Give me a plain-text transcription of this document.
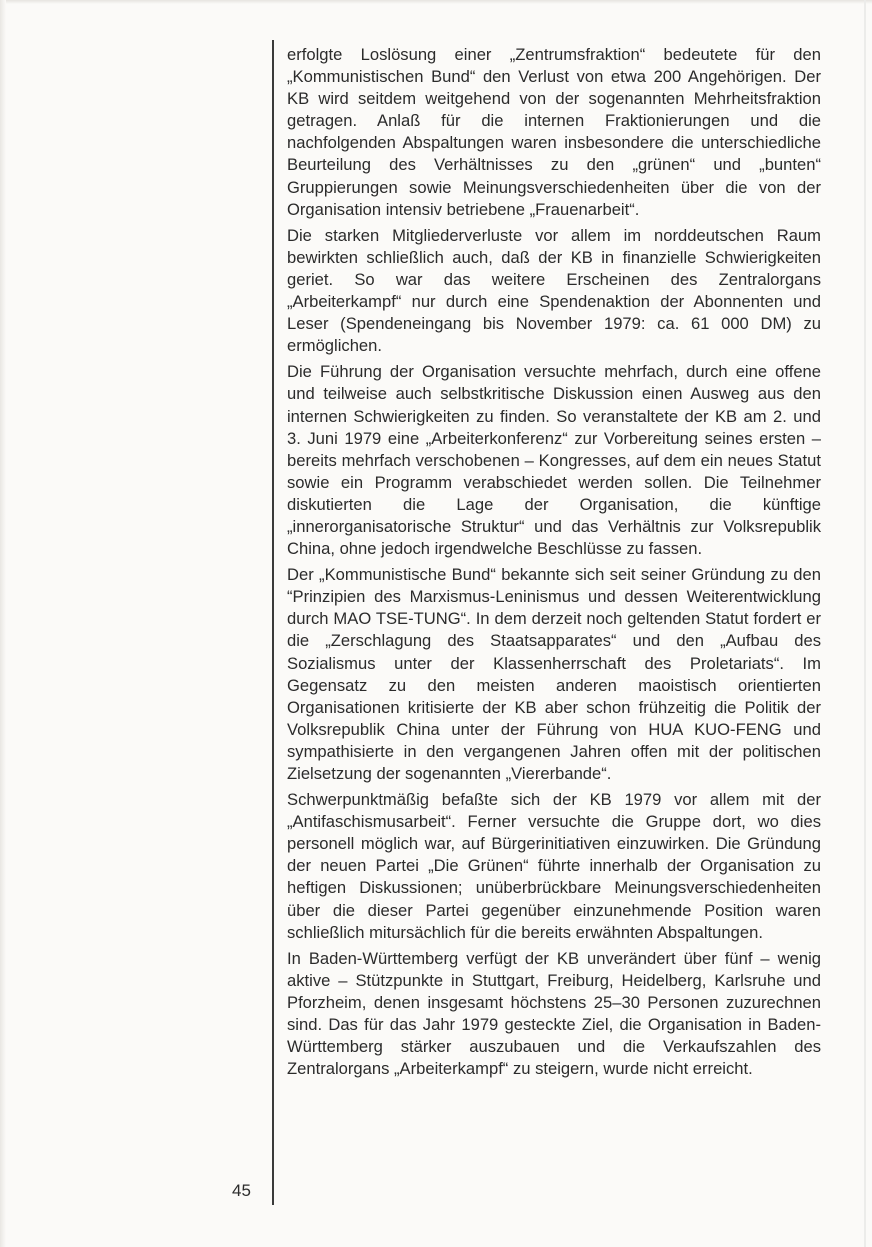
45

erfolgte Loslösung einer „Zentrumsfraktion“ bedeutete für den „Kommunistischen Bund“ den Verlust von etwa 200 Angehörigen. Der KB wird seitdem weitgehend von der sogenannten Mehrheitsfraktion getragen. Anlaß für die internen Fraktionierungen und die nachfolgenden Abspaltungen waren insbesondere die unterschiedliche Beurteilung des Verhältnisses zu den „grünen“ und „bunten“ Gruppierungen sowie Meinungsverschiedenheiten über die von der Organisation intensiv betriebene „Frauenarbeit“.

Die starken Mitgliederverluste vor allem im norddeutschen Raum bewirkten schließlich auch, daß der KB in finanzielle Schwierigkeiten geriet. So war das weitere Erscheinen des Zentralorgans „Arbeiterkampf“ nur durch eine Spendenaktion der Abonnenten und Leser (Spendeneingang bis November 1979: ca. 61 000 DM) zu ermöglichen.

Die Führung der Organisation versuchte mehrfach, durch eine offene und teilweise auch selbstkritische Diskussion einen Ausweg aus den internen Schwierigkeiten zu finden. So veranstaltete der KB am 2. und 3. Juni 1979 eine „Arbeiterkonferenz“ zur Vorbereitung seines ersten – bereits mehrfach verschobenen – Kongresses, auf dem ein neues Statut sowie ein Programm verabschiedet werden sollen. Die Teilnehmer diskutierten die Lage der Organisation, die künftige „innerorganisatorische Struktur“ und das Verhältnis zur Volksrepublik China, ohne jedoch irgendwelche Beschlüsse zu fassen.

Der „Kommunistische Bund“ bekannte sich seit seiner Gründung zu den “Prinzipien des Marxismus-Leninismus und dessen Weiterentwicklung durch MAO TSE-TUNG“. In dem derzeit noch geltenden Statut fordert er die „Zerschlagung des Staatsapparates“ und den „Aufbau des Sozialismus unter der Klassenherrschaft des Proletariats“. Im Gegensatz zu den meisten anderen maoistisch orientierten Organisationen kritisierte der KB aber schon frühzeitig die Politik der Volksrepublik China unter der Führung von HUA KUO-FENG und sympathisierte in den vergangenen Jahren offen mit der politischen Zielsetzung der sogenannten „Viererbande“.

Schwerpunktmäßig befaßte sich der KB 1979 vor allem mit der „Antifaschismusarbeit“. Ferner versuchte die Gruppe dort, wo dies personell möglich war, auf Bürgerinitiativen einzuwirken. Die Gründung der neuen Partei „Die Grünen“ führte innerhalb der Organisation zu heftigen Diskussionen; unüberbrückbare Meinungsverschiedenheiten über die dieser Partei gegenüber einzunehmende Position waren schließlich mitursächlich für die bereits erwähnten Abspaltungen.

In Baden-Württemberg verfügt der KB unverändert über fünf – wenig aktive – Stützpunkte in Stuttgart, Freiburg, Heidelberg, Karlsruhe und Pforzheim, denen insgesamt höchstens 25–30 Personen zuzurechnen sind. Das für das Jahr 1979 gesteckte Ziel, die Organisation in Baden-Württemberg stärker auszubauen und die Verkaufszahlen des Zentralorgans „Arbeiterkampf“ zu steigern, wurde nicht erreicht.
